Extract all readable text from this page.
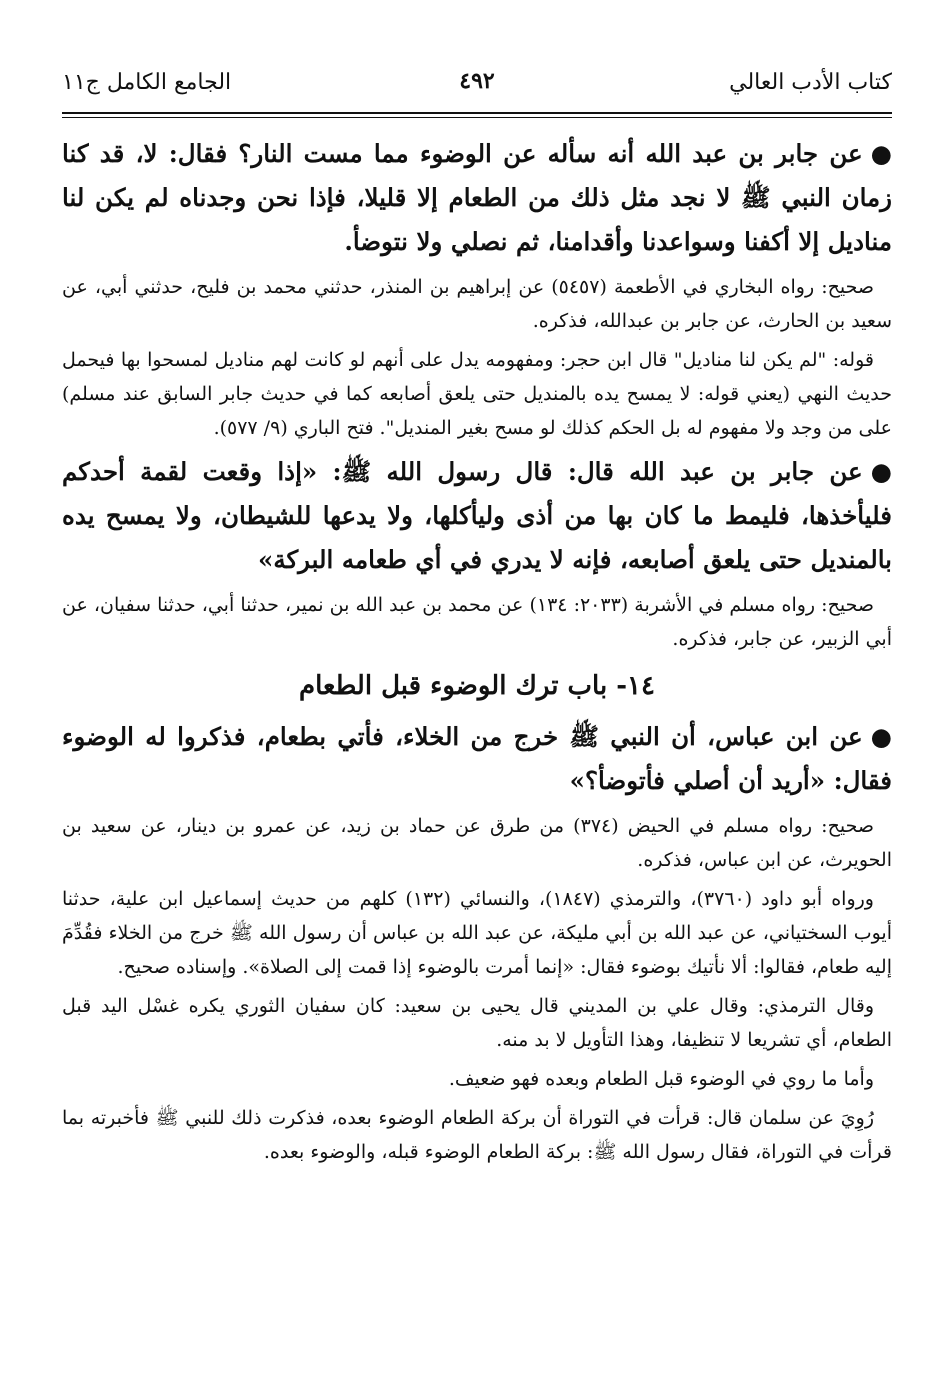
كتاب الأدب العالي
٤٩٢
الجامع الكامل ج١١

●عن جابر بن عبد الله أنه سأله عن الوضوء مما مست النار؟ فقال: لا، قد كنا زمان النبي ﷺ لا نجد مثل ذلك من الطعام إلا قليلا، فإذا نحن وجدناه لم يكن لنا مناديل إلا أكفنا وسواعدنا وأقدامنا، ثم نصلي ولا نتوضأ.

صحيح: رواه البخاري في الأطعمة (٥٤٥٧) عن إبراهيم بن المنذر، حدثني محمد بن فليح، حدثني أبي، عن سعيد بن الحارث، عن جابر بن عبدالله، فذكره.

قوله: "لم يكن لنا مناديل" قال ابن حجر: ومفهومه يدل على أنهم لو كانت لهم مناديل لمسحوا بها فيحمل حديث النهي (يعني قوله: لا يمسح يده بالمنديل حتى يلعق أصابعه كما في حديث جابر السابق عند مسلم) على من وجد ولا مفهوم له بل الحكم كذلك لو مسح بغير المنديل". فتح الباري (٩/ ٥٧٧).

●عن جابر بن عبد الله قال: قال رسول الله ﷺ: «إذا وقعت لقمة أحدكم فليأخذها، فليمط ما كان بها من أذى وليأكلها، ولا يدعها للشيطان، ولا يمسح يده بالمنديل حتى يلعق أصابعه، فإنه لا يدري في أي طعامه البركة»

صحيح: رواه مسلم في الأشربة (٢٠٣٣: ١٣٤) عن محمد بن عبد الله بن نمير، حدثنا أبي، حدثنا سفيان، عن أبي الزبير، عن جابر، فذكره.

١٤- باب ترك الوضوء قبل الطعام

●عن ابن عباس، أن النبي ﷺ خرج من الخلاء، فأتي بطعام، فذكروا له الوضوء فقال: «أريد أن أصلي فأتوضأ؟»

صحيح: رواه مسلم في الحيض (٣٧٤) من طرق عن حماد بن زيد، عن عمرو بن دينار، عن سعيد بن الحويرث، عن ابن عباس، فذكره.

ورواه أبو داود (٣٧٦٠)، والترمذي (١٨٤٧)، والنسائي (١٣٢) كلهم من حديث إسماعيل ابن علية، حدثنا أيوب السختياني، عن عبد الله بن أبي مليكة، عن عبد الله بن عباس أن رسول الله ﷺ خرج من الخلاء فقُدِّمَ إليه طعام، فقالوا: ألا نأتيك بوضوء فقال: «إنما أمرت بالوضوء إذا قمت إلى الصلاة». وإسناده صحيح.

وقال الترمذي: وقال علي بن المديني قال يحيى بن سعيد: كان سفيان الثوري يكره غسْل اليد قبل الطعام، أي تشريعا لا تنظيفا، وهذا التأويل لا بد منه.

وأما ما روي في الوضوء قبل الطعام وبعده فهو ضعيف.

رُوِيَ عن سلمان قال: قرأت في التوراة أن بركة الطعام الوضوء بعده، فذكرت ذلك للنبي ﷺ فأخبرته بما قرأت في التوراة، فقال رسول الله ﷺ: بركة الطعام الوضوء قبله، والوضوء بعده.
